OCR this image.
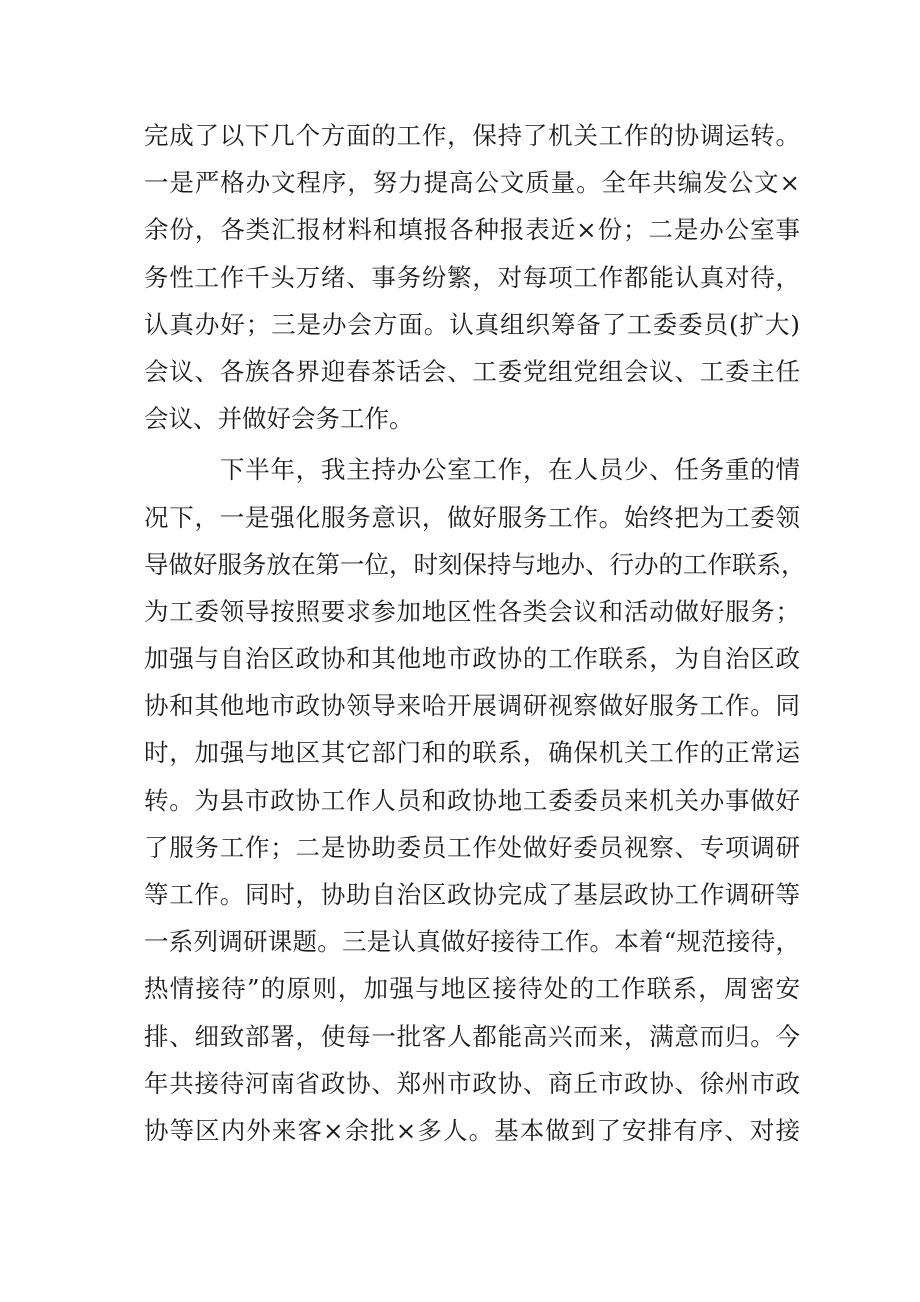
完成了以下几个方面的工作，保持了机关工作的协调运转。
一是严格办文程序，努力提高公文质量。全年共编发公文×
余份，各类汇报材料和填报各种报表近×份；二是办公室事
务性工作千头万绪、事务纷繁，对每项工作都能认真对待，
认真办好；三是办会方面。认真组织筹备了工委委员(扩大)
会议、各族各界迎春茶话会、工委党组党组会议、工委主任
会议、并做好会务工作。
下半年，我主持办公室工作，在人员少、任务重的情
况下，一是强化服务意识，做好服务工作。始终把为工委领
导做好服务放在第一位，时刻保持与地办、行办的工作联系，
为工委领导按照要求参加地区性各类会议和活动做好服务；
加强与自治区政协和其他地市政协的工作联系，为自治区政
协和其他地市政协领导来哈开展调研视察做好服务工作。同
时，加强与地区其它部门和的联系，确保机关工作的正常运
转。为县市政协工作人员和政协地工委委员来机关办事做好
了服务工作；二是协助委员工作处做好委员视察、专项调研
等工作。同时，协助自治区政协完成了基层政协工作调研等
一系列调研课题。三是认真做好接待工作。本着“规范接待，
热情接待”的原则，加强与地区接待处的工作联系，周密安
排、细致部署，使每一批客人都能高兴而来，满意而归。今
年共接待河南省政协、郑州市政协、商丘市政协、徐州市政
协等区内外来客×余批×多人。基本做到了安排有序、对接
